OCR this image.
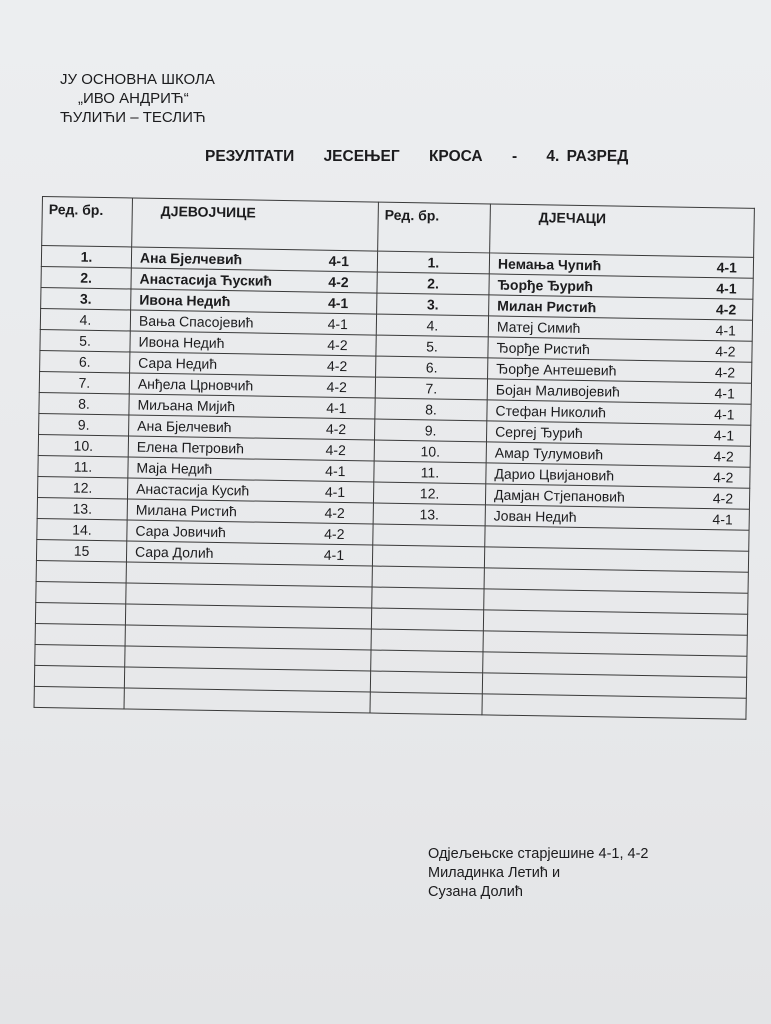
ЈУ ОСНОВНА ШКОЛА
„ИВО АНДРИЋ“
ЋУЛИЋИ – ТЕСЛИЋ
РЕЗУЛТАТИ ЈЕСЕЊЕГ КРОСА - 4. РАЗРЕД
Ред. бр.	ДЈЕВОЈЧИЦЕ	Ред. бр.	ДЈЕЧАЦИ
1.	Ана Бјелчевић 4-1	1.	Немања Чупић 4-1

2.	Анастасија Ћускић 4-2	2.	Ђорђе Ђурић 4-1

3.	Ивона Недић 4-1	3.	Милан Ристић 4-2

4.	Вања Спасојевић 4-1	4.	Матеј Симић 4-1

5.	Ивона Недић 4-2	5.	Ђорђе Ристић 4-2

6.	Сара Недић 4-2	6.	Ђорђе Антешевић 4-2

7.	Анђела Црновчић 4-2	7.	Бојан Маливојевић 4-1

8.	Миљана Мијић 4-1	8.	Стефан Николић 4-1

9.	Ана Бјелчевић 4-2	9.	Сергеј Ђурић 4-1

10.	Елена Петровић 4-2	10.	Амар Тулумовић 4-2

11.	Маја Недић 4-1	11.	Дарио Цвијановић 4-2

12.	Анастасија Кусић 4-1	12.	Дамјан Стјепановић 4-2

13.	Милана Ристић 4-2	13.	Јован Недић 4-1

14.	Сара Јовичић 4-2		

15	Сара Долић 4-1		

Одјељењске старјешине 4-1, 4-2
Миладинка Летић и
Сузана Долић
